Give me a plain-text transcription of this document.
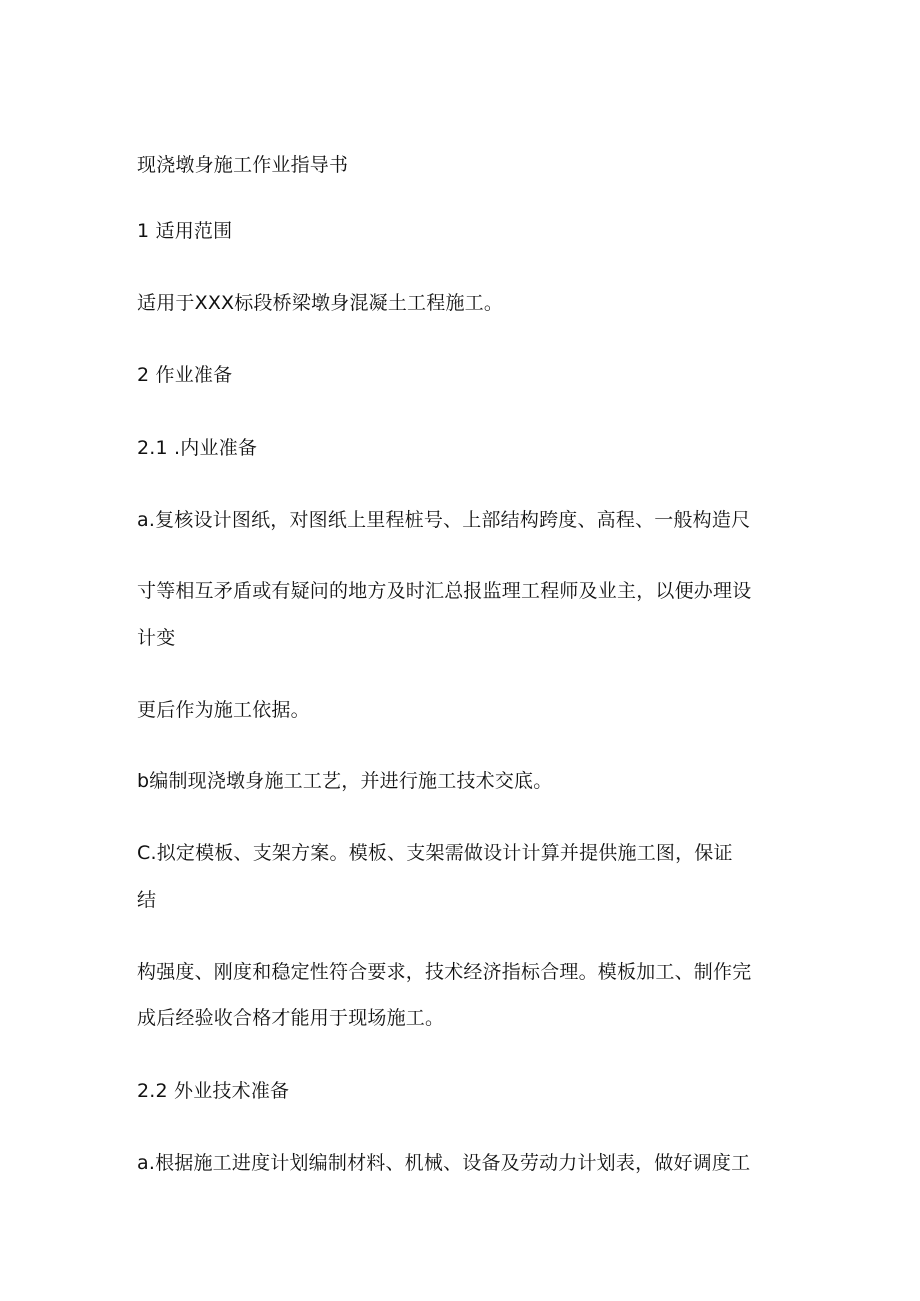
现浇墩身施工作业指导书
1 适用范围
适用于XXX标段桥梁墩身混凝土工程施工。
2 作业准备
2.1 .内业准备
a.复核设计图纸，对图纸上里程桩号、上部结构跨度、高程、一般构造尺
寸等相互矛盾或有疑问的地方及时汇总报监理工程师及业主，以便办理设
计变
更后作为施工依据。
b编制现浇墩身施工工艺，并进行施工技术交底。
C.拟定模板、支架方案。模板、支架需做设计计算并提供施工图，保证
结
构强度、刚度和稳定性符合要求，技术经济指标合理。模板加工、制作完
成后经验收合格才能用于现场施工。
2.2 外业技术准备
a.根据施工进度计划编制材料、机械、设备及劳动力计划表，做好调度工
